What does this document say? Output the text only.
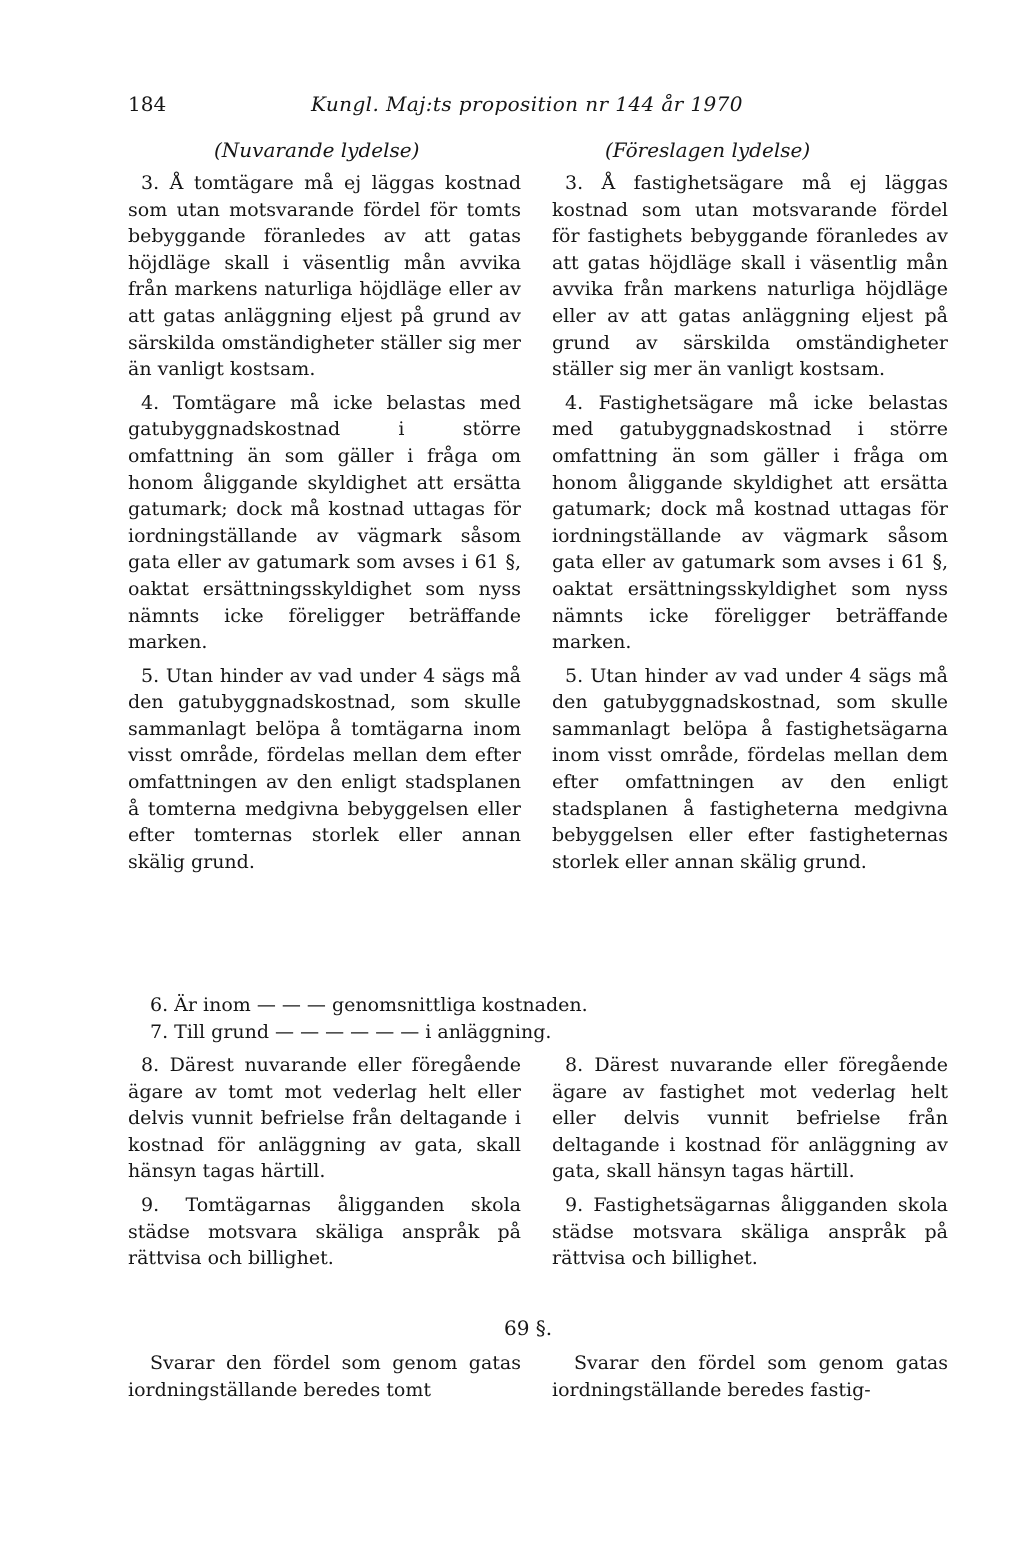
184	Kungl. Maj:ts proposition nr 144 år 1970
(Nuvarande lydelse)	(Föreslagen lydelse)

3. Å tomtägare må ej läggas kostnad som utan motsvarande fördel för tomts bebyggande föranledes av att gatas höjdläge skall i väsentlig mån avvika från markens naturliga höjdläge eller av att gatas anläggning eljest på grund av särskilda omständigheter ställer sig mer än vanligt kostsam.

4. Tomtägare må icke belastas med gatubyggnadskostnad i större omfattning än som gäller i fråga om honom åliggande skyldighet att ersätta gatumark; dock må kostnad uttagas för iordningställande av vägmark såsom gata eller av gatumark som avses i 61 §, oaktat ersättningsskyldighet som nyss nämnts icke föreligger beträffande marken.

5. Utan hinder av vad under 4 sägs må den gatubyggnadskostnad, som skulle sammanlagt belöpa å tomtägarna inom visst område, fördelas mellan dem efter omfattningen av den enligt stadsplanen å tomterna medgivna bebyggelsen eller efter tomternas storlek eller annan skälig grund.

3. Å fastighetsägare må ej läggas kostnad som utan motsvarande fördel för fastighets bebyggande föranledes av att gatas höjdläge skall i väsentlig mån avvika från markens naturliga höjdläge eller av att gatas anläggning eljest på grund av särskilda omständigheter ställer sig mer än vanligt kostsam.

4. Fastighetsägare må icke belastas med gatubyggnadskostnad i större omfattning än som gäller i fråga om honom åliggande skyldighet att ersätta gatumark; dock må kostnad uttagas för iordningställande av vägmark såsom gata eller av gatumark som avses i 61 §, oaktat ersättningsskyldighet som nyss nämnts icke föreligger beträffande marken.

5. Utan hinder av vad under 4 sägs må den gatubyggnadskostnad, som skulle sammanlagt belöpa å fastighetsägarna inom visst område, fördelas mellan dem efter omfattningen av den enligt stadsplanen å fastigheterna medgivna bebyggelsen eller efter fastigheternas storlek eller annan skälig grund.

6. Är inom — — — genomsnittliga kostnaden.

7. Till grund — — — — — — i anläggning.

8. Därest nuvarande eller föregående ägare av tomt mot vederlag helt eller delvis vunnit befrielse från deltagande i kostnad för anläggning av gata, skall hänsyn tagas härtill.

9. Tomtägarnas åligganden skola städse motsvara skäliga anspråk på rättvisa och billighet.

8. Därest nuvarande eller föregående ägare av fastighet mot vederlag helt eller delvis vunnit befrielse från deltagande i kostnad för anläggning av gata, skall hänsyn tagas härtill.

9. Fastighetsägarnas åligganden skola städse motsvara skäliga anspråk på rättvisa och billighet.

69 §.

Svarar den fördel som genom gatas iordningställande beredes tomt

Svarar den fördel som genom gatas iordningställande beredes fastig-
